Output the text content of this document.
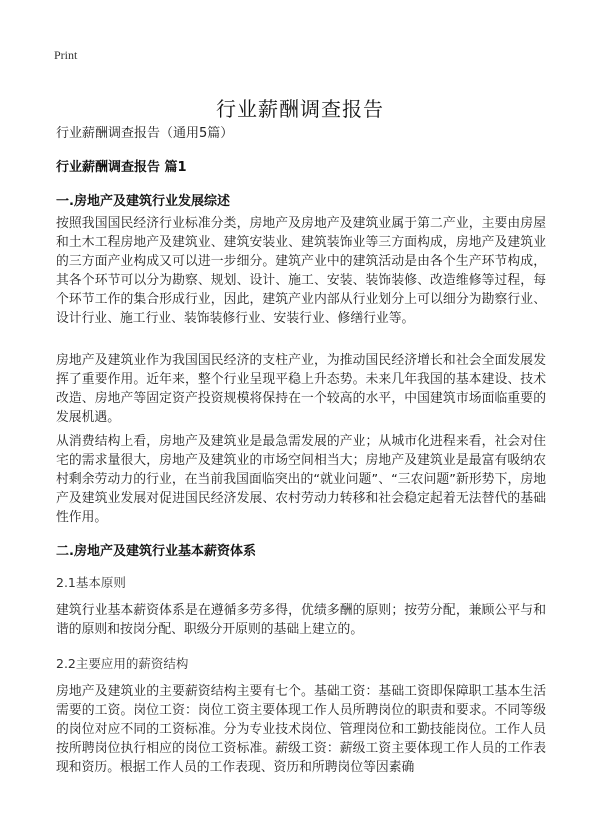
Print
行业薪酬调查报告
行业薪酬调查报告（通用5篇）
行业薪酬调查报告 篇1
一.房地产及建筑行业发展综述

按照我国国民经济行业标准分类，房地产及房地产及建筑业属于第二产业，主要由房屋和土木工程房地产及建筑业、建筑安装业、建筑装饰业等三方面构成，房地产及建筑业的三方面产业构成又可以进一步细分。建筑产业中的建筑活动是由各个生产环节构成，其各个环节可以分为勘察、规划、设计、施工、安装、装饰装修、改造维修等过程，每个环节工作的集合形成行业，因此，建筑产业内部从行业划分上可以细分为勘察行业、设计行业、施工行业、装饰装修行业、安装行业、修缮行业等。

房地产及建筑业作为我国国民经济的支柱产业，为推动国民经济增长和社会全面发展发挥了重要作用。近年来，整个行业呈现平稳上升态势。未来几年我国的基本建设、技术改造、房地产等固定资产投资规模将保持在一个较高的水平，中国建筑市场面临重要的发展机遇。

从消费结构上看，房地产及建筑业是最急需发展的产业；从城市化进程来看，社会对住宅的需求量很大，房地产及建筑业的市场空间相当大；房地产及建筑业是最富有吸纳农村剩余劳动力的行业，在当前我国面临突出的“就业问题”、“三农问题”新形势下，房地产及建筑业发展对促进国民经济发展、农村劳动力转移和社会稳定起着无法替代的基础性作用。

二.房地产及建筑行业基本薪资体系
2.1基本原则

建筑行业基本薪资体系是在遵循多劳多得，优绩多酬的原则；按劳分配，兼顾公平与和谐的原则和按岗分配、职级分开原则的基础上建立的。

2.2主要应用的薪资结构

房地产及建筑业的主要薪资结构主要有七个。基础工资：基础工资即保障职工基本生活需要的工资。岗位工资：岗位工资主要体现工作人员所聘岗位的职责和要求。不同等级的岗位对应不同的工资标准。分为专业技术岗位、管理岗位和工勤技能岗位。工作人员按所聘岗位执行相应的岗位工资标准。薪级工资：薪级工资主要体现工作人员的工作表现和资历。根据工作人员的工作表现、资历和所聘岗位等因素确
